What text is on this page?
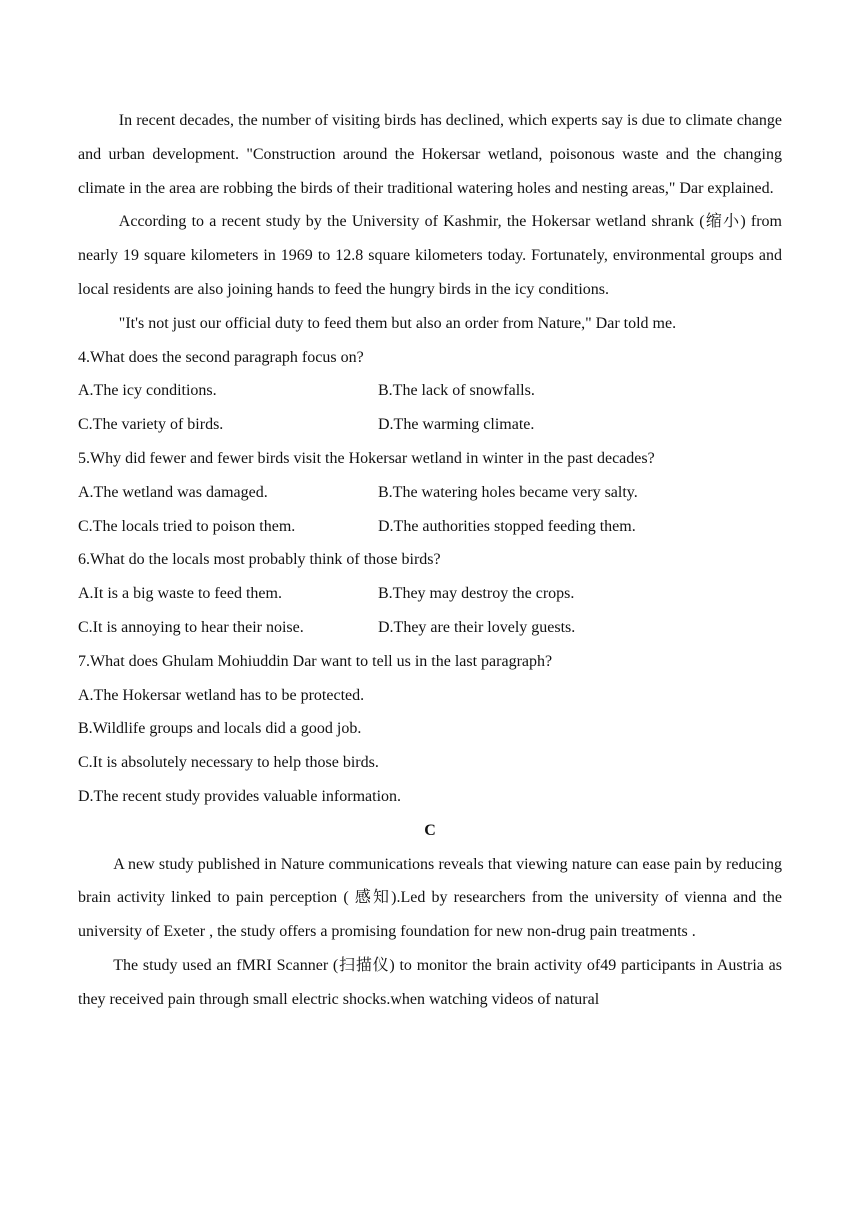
In recent decades, the number of visiting birds has declined, which experts say is due to climate change and urban development. "Construction around the Hokersar wetland, poisonous waste and the changing climate in the area are robbing the birds of their traditional watering holes and nesting areas," Dar explained.

According to a recent study by the University of Kashmir, the Hokersar wetland shrank (缩小) from nearly 19 square kilometers in 1969 to 12.8 square kilometers today. Fortunately, environmental groups and local residents are also joining hands to feed the hungry birds in the icy conditions.

"It's not just our official duty to feed them but also an order from Nature," Dar told me.

4.What does the second paragraph focus on?
A.The icy conditions.	B.The lack of snowfalls.
C.The variety of birds.	D.The warming climate.
5.Why did fewer and fewer birds visit the Hokersar wetland in winter in the past decades?
A.The wetland was damaged.	B.The watering holes became very salty.
C.The locals tried to poison them.	D.The authorities stopped feeding them.
6.What do the locals most probably think of those birds?
A.It is a big waste to feed them.	B.They may destroy the crops.
C.It is annoying to hear their noise.	D.They are their lovely guests.
7.What does Ghulam Mohiuddin Dar want to tell us in the last paragraph?
A.The Hokersar wetland has to be protected.
B.Wildlife groups and locals did a good job.
C.It is absolutely necessary to help those birds.
D.The recent study provides valuable information.
C

A new study published in Nature communications reveals that viewing nature can ease pain by reducing brain activity linked to pain perception ( 感知).Led by researchers from the university of vienna and the university of Exeter , the study offers a promising foundation for new non-drug pain treatments .

The study used an fMRI Scanner (扫描仪) to monitor the brain activity of49 participants in Austria as they received pain through small electric shocks.when watching videos of natural
